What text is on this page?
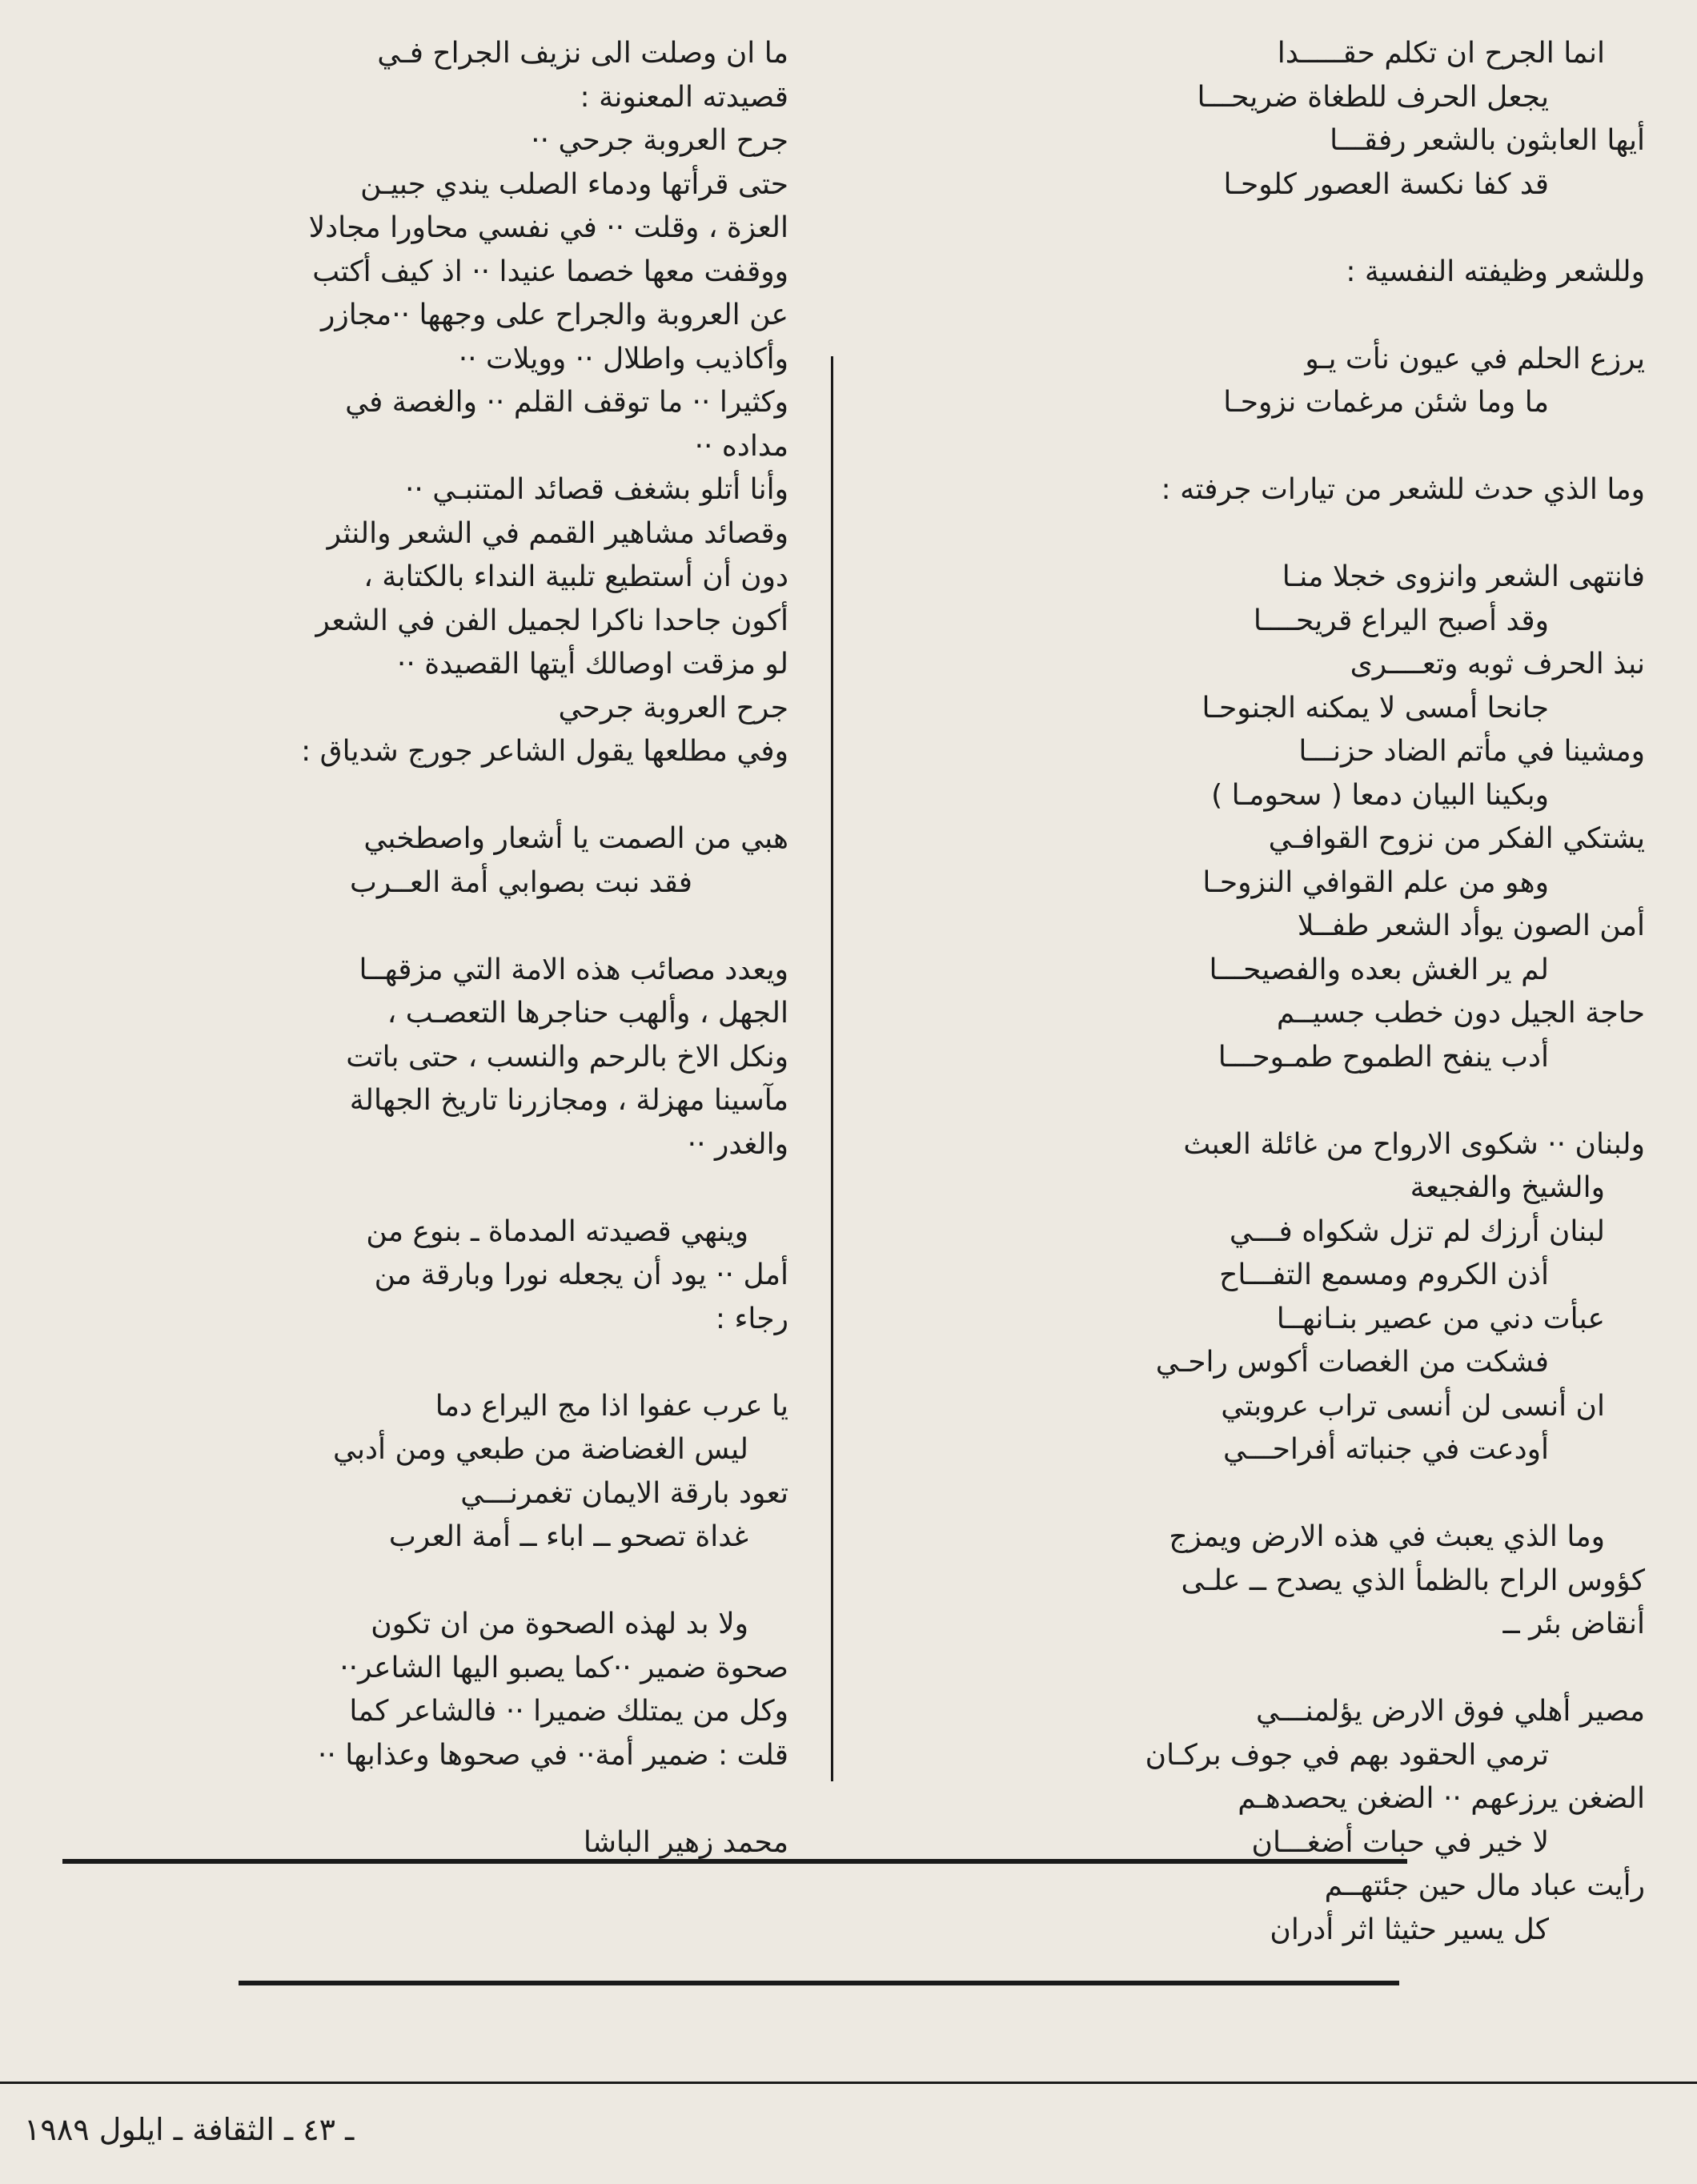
انما الجرح ان تكلم حقـــــدا
يجعل الحرف للطغاة ضريحـــا
أيها العابثون بالشعر رفقـــا
قد كفا نكسة العصور كلوحـا
وللشعر وظيفته النفسية :
يرزع الحلم في عيون نأت يـو
ما وما شئن مرغمات نزوحـا
وما الذي حدث للشعر من تيارات جرفته :
فانتهى الشعر وانزوى خجلا منـا
وقد أصبح اليراع قريحــــا
نبذ الحرف ثوبه وتعــــرى
جانحا أمسى لا يمكنه الجنوحـا
ومشينا في مأتم الضاد حزنـــا
وبكينا البيان دمعا ( سحومـا )
يشتكي الفكر من نزوح القوافـي
وهو من علم القوافي النزوحـا
أمن الصون يوأد الشعر طفــلا
لم ير الغش بعده والفصيحـــا
حاجة الجيل دون خطب جسيــم
أدب ينفح الطموح طمـوحـــا
ولبنان ·· شكوى الارواح من غائلة العبث
والشيخ والفجيعة
لبنان أرزك لم تزل شكواه فـــي
أذن الكروم ومسمع التفـــاح
عبأت دني من عصير بنـانهــا
فشكت من الغصات أكوس راحـي
ان أنسى لن أنسى تراب عروبتي
أودعت في جنباته أفراحـــي
وما الذي يعبث في هذه الارض ويمزج
كؤوس الراح بالظمأ الذي يصدح ــ علـى
أنقاض بئر ــ
مصير أهلي فوق الارض يؤلمنـــي
ترمي الحقود بهم في جوف بركـان
الضغن يرزعهم ·· الضغن يحصدهـم
لا خير في حبات أضغـــان
رأيت عباد مال حين جئتهــم
كل يسير حثيثا اثر أدران
ما ان وصلت الى نزيف الجراح فـي
قصيدته المعنونة :
جرح العروبة جرحي ··
حتى قرأتها ودماء الصلب يندي جبيـن
العزة ، وقلت ·· في نفسي محاورا مجادلا
ووقفت معها خصما عنيدا ·· اذ كيف أكتب
عن العروبة والجراح على وجهها ··مجازر
وأكاذيب واطلال ·· وويلات ··
وكثيرا ·· ما توقف القلم ·· والغصة في
مداده ··
وأنا أتلو بشغف قصائد المتنبـي ··
وقصائد مشاهير القمم في الشعر والنثر
دون أن أستطيع تلبية النداء بالكتابة ،
أكون جاحدا ناكرا لجميل الفن في الشعر
لو مزقت اوصالك أيتها القصيدة ··
جرح العروبة جرحي
وفي مطلعها يقول الشاعر جورج شدياق :
هبي من الصمت يا أشعار واصطخبي
فقد نبت بصوابي أمة العــرب
ويعدد مصائب هذه الامة التي مزقهــا
الجهل ، وألهب حناجرها التعصـب ،
ونكل الاخ بالرحم والنسب ، حتى باتت
مآسينا مهزلة ، ومجازرنا تاريخ الجهالة
والغدر ··
وينهي قصيدته المدماة ـ بنوع من
أمل ·· يود أن يجعله نورا وبارقة من
رجاء :
يا عرب عفوا اذا مج اليراع دما
ليس الغضاضة من طبعي ومن أدبي
تعود بارقة الايمان تغمرنـــي
غداة تصحو ــ اباء ــ أمة العرب
ولا بد لهذه الصحوة من ان تكون
صحوة ضمير ··كما يصبو اليها الشاعر··
وكل من يمتلك ضميرا ·· فالشاعر كما
قلت : ضمير أمة·· في صحوها وعذابها ··
محمد زهير الباشا
ـ ٤٣ ـ الثقافة ـ ايلول ١٩٨٩
